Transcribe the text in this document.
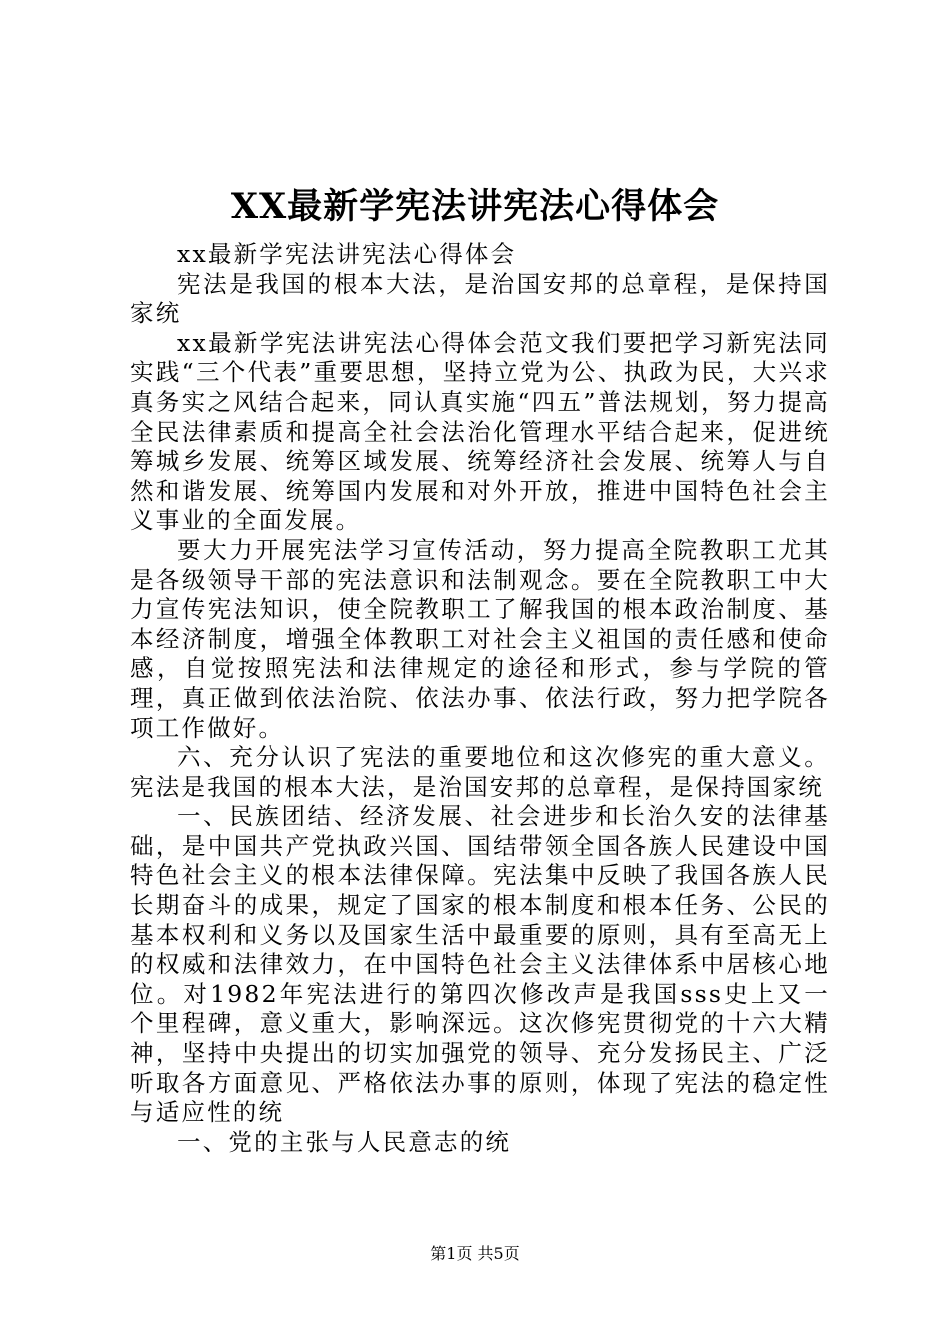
XX最新学宪法讲宪法心得体会

xx最新学宪法讲宪法心得体会

宪法是我国的根本大法，是治国安邦的总章程，是保持国家统

xx最新学宪法讲宪法心得体会范文我们要把学习新宪法同实践“三个代表”重要思想，坚持立党为公、执政为民，大兴求真务实之风结合起来，同认真实施“四五”普法规划，努力提高全民法律素质和提高全社会法治化管理水平结合起来，促进统筹城乡发展、统筹区域发展、统筹经济社会发展、统筹人与自然和谐发展、统筹国内发展和对外开放，推进中国特色社会主义事业的全面发展。

要大力开展宪法学习宣传活动，努力提高全院教职工尤其是各级领导干部的宪法意识和法制观念。要在全院教职工中大力宣传宪法知识，使全院教职工了解我国的根本政治制度、基本经济制度，增强全体教职工对社会主义祖国的责任感和使命感，自觉按照宪法和法律规定的途径和形式，参与学院的管理，真正做到依法治院、依法办事、依法行政，努力把学院各项工作做好。

六、充分认识了宪法的重要地位和这次修宪的重大意义。宪法是我国的根本大法，是治国安邦的总章程，是保持国家统

一、民族团结、经济发展、社会进步和长治久安的法律基础，是中国共产党执政兴国、国结带领全国各族人民建设中国特色社会主义的根本法律保障。宪法集中反映了我国各族人民长期奋斗的成果，规定了国家的根本制度和根本任务、公民的基本权利和义务以及国家生活中最重要的原则，具有至高无上的权威和法律效力，在中国特色社会主义法律体系中居核心地位。对1982年宪法进行的第四次修改声是我国sss史上又一个里程碑，意义重大，影响深远。这次修宪贯彻党的十六大精神，坚持中央提出的切实加强党的领导、充分发扬民主、广泛听取各方面意见、严格依法办事的原则，体现了宪法的稳定性与适应性的统

一、党的主张与人民意志的统

第1页 共5页
